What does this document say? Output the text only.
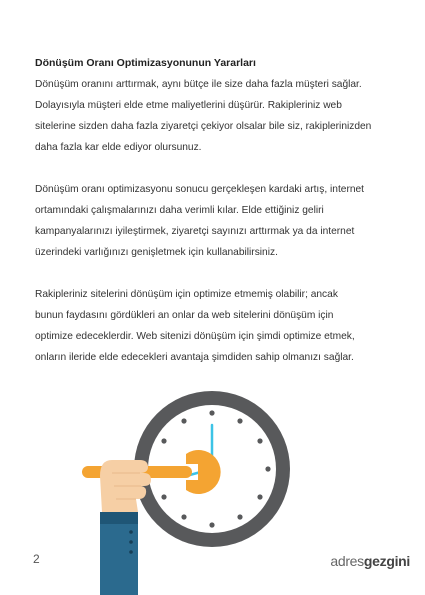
Dönüşüm Oranı Optimizasyonunun Yararları

Dönüşüm oranını arttırmak, aynı bütçe ile size daha fazla müşteri sağlar.
Dolayısıyla müşteri elde etme maliyetlerini düşürür. Rakipleriniz web
sitelerine sizden daha fazla ziyaretçi çekiyor olsalar bile siz, rakiplerinizden
daha fazla kar elde ediyor olursunuz.

Dönüşüm oranı optimizasyonu sonucu gerçekleşen kardaki artış, internet
ortamındaki çalışmalarınızı daha verimli kılar. Elde ettiğiniz geliri
kampanyalarınızı iyileştirmek, ziyaretçi sayınızı arttırmak ya da internet
üzerindeki varlığınızı genişletmek için kullanabilirsiniz.

Rakipleriniz sitelerini dönüşüm için optimize etmemiş olabilir; ancak
bunun faydasını gördükleri an onlar da web sitelerini dönüşüm için
optimize edeceklerdir. Web sitenizi dönüşüm için şimdi optimize etmek,
onların ileride elde edecekleri avantaja şimdiden sahip olmanızı sağlar.

2	adresgezgini
